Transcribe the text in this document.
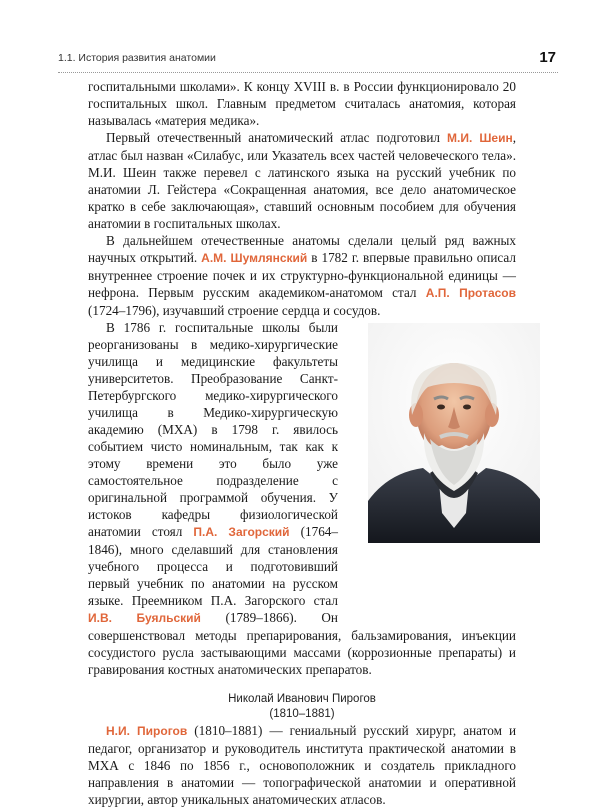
1.1. История развития анатомии	17

госпитальными школами». К концу XVIII в. в России функционировало 20 госпитальных школ. Главным предметом считалась анатомия, которая называлась «материя медика».

Первый отечественный анатомический атлас подготовил М.И. Шеин, атлас был назван «Силабус, или Указатель всех частей человеческого тела». М.И. Шеин также перевел с латинского языка на русский учебник по анатомии Л. Гейстера «Сокращенная анатомия, все дело анатомическое кратко в себе заключающая», ставший основным пособием для обучения анатомии в госпитальных школах.

В дальнейшем отечественные анатомы сделали целый ряд важных научных открытий. А.М. Шумлянский в 1782 г. впервые правильно описал внутреннее строение почек и их структурно-функциональной единицы — нефрона. Первым русским академиком-анатомом стал А.П. Протасов (1724–1796), изучавший строение сердца и сосудов.

В 1786 г. госпитальные школы были реорганизованы в медико-хирургические училища и медицинские факультеты университетов. Преобразование Санкт-Петербургского медико-хирургического училища в Медико-хирургическую академию (МХА) в 1798 г. явилось событием чисто номинальным, так как к этому времени это было уже самостоятельное подразделение с оригинальной программой обучения. У истоков кафедры физиологической анатомии стоял П.А. Загорский (1764–1846), много сделавший для становления учебного процесса и подготовивший первый учебник по анатомии на русском языке. Преемником П.А. Загорского стал И.В. Буяльский (1789–1866). Он совершенствовал методы препарирования, бальзамирования, инъекции сосудистого русла застывающими массами (коррозионные препараты) и гравирования костных анатомических препаратов.

Николай Иванович Пирогов
(1810–1881)

Н.И. Пирогов (1810–1881) — гениальный русский хирург, анатом и педагог, организатор и руководитель института практической анатомии в МХА с 1846 по 1856 г., основоположник и создатель прикладного направления в анатомии — топографической анатомии и оперативной хирургии, автор уникальных анатомических атласов.
